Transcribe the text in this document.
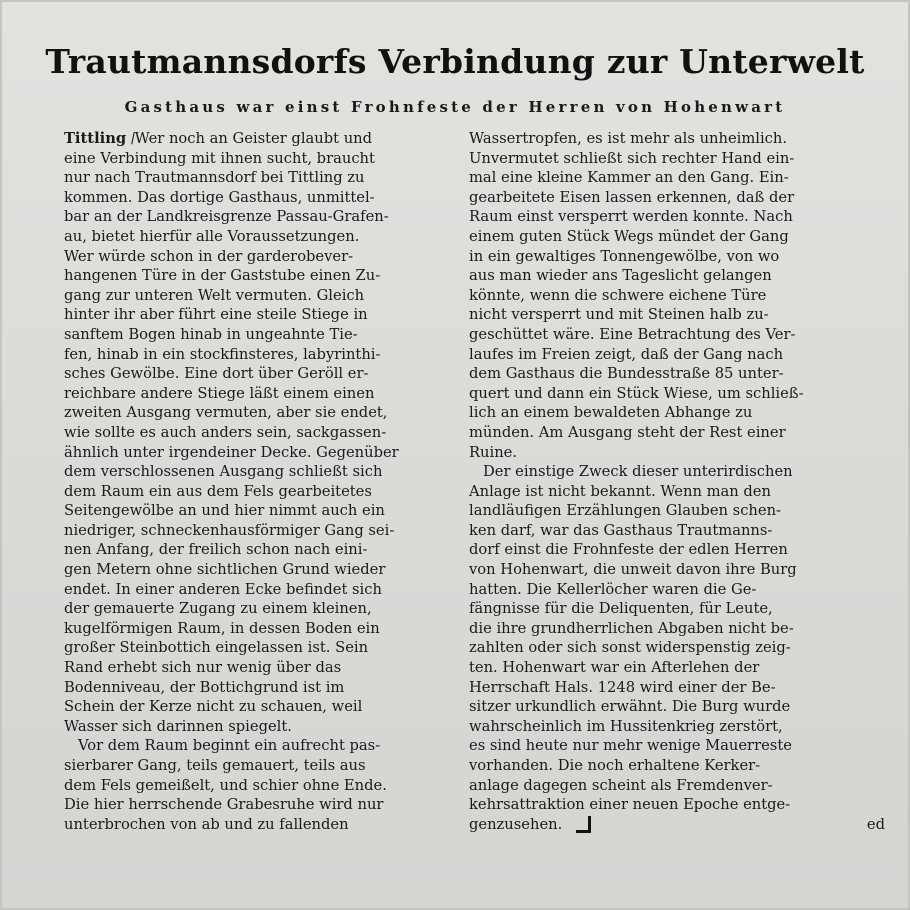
Trautmannsdorfs Verbindung zur Unterwelt
Gasthaus war einst Frohnfeste der Herren von Hohenwart
Tittling /Wer noch an Geister glaubt und
eine Verbindung mit ihnen sucht, braucht
nur nach Trautmannsdorf bei Tittling zu
kommen. Das dortige Gasthaus, unmittel-
bar an der Landkreisgrenze Passau-Grafen-
au, bietet hierfür alle Voraussetzungen.
Wer würde schon in der garderobever-
hangenen Türe in der Gaststube einen Zu-
gang zur unteren Welt vermuten. Gleich
hinter ihr aber führt eine steile Stiege in
sanftem Bogen hinab in ungeahnte Tie-
fen, hinab in ein stockfinsteres, labyrinthi-
sches Gewölbe. Eine dort über Geröll er-
reichbare andere Stiege läßt einem einen
zweiten Ausgang vermuten, aber sie endet,
wie sollte es auch anders sein, sackgassen-
ähnlich unter irgendeiner Decke. Gegenüber
dem verschlossenen Ausgang schließt sich
dem Raum ein aus dem Fels gearbeitetes
Seitengewölbe an und hier nimmt auch ein
niedriger, schneckenhausförmiger Gang sei-
nen Anfang, der freilich schon nach eini-
gen Metern ohne sichtlichen Grund wieder
endet. In einer anderen Ecke befindet sich
der gemauerte Zugang zu einem kleinen,
kugelförmigen Raum, in dessen Boden ein
großer Steinbottich eingelassen ist. Sein
Rand erhebt sich nur wenig über das
Bodenniveau, der Bottichgrund ist im
Schein der Kerze nicht zu schauen, weil
Wasser sich darinnen spiegelt.
Vor dem Raum beginnt ein aufrecht pas-
sierbarer Gang, teils gemauert, teils aus
dem Fels gemeißelt, und schier ohne Ende.
Die hier herrschende Grabesruhe wird nur
unterbrochen von ab und zu fallenden
Wassertropfen, es ist mehr als unheimlich.
Unvermutet schließt sich rechter Hand ein-
mal eine kleine Kammer an den Gang. Ein-
gearbeitete Eisen lassen erkennen, daß der
Raum einst versperrt werden konnte. Nach
einem guten Stück Wegs mündet der Gang
in ein gewaltiges Tonnengewölbe, von wo
aus man wieder ans Tageslicht gelangen
könnte, wenn die schwere eichene Türe
nicht versperrt und mit Steinen halb zu-
geschüttet wäre. Eine Betrachtung des Ver-
laufes im Freien zeigt, daß der Gang nach
dem Gasthaus die Bundesstraße 85 unter-
quert und dann ein Stück Wiese, um schließ-
lich an einem bewaldeten Abhange zu
münden. Am Ausgang steht der Rest einer
Ruine.
Der einstige Zweck dieser unterirdischen
Anlage ist nicht bekannt. Wenn man den
landläufigen Erzählungen Glauben schen-
ken darf, war das Gasthaus Trautmanns-
dorf einst die Frohnfeste der edlen Herren
von Hohenwart, die unweit davon ihre Burg
hatten. Die Kellerlöcher waren die Ge-
fängnisse für die Deliquenten, für Leute,
die ihre grundherrlichen Abgaben nicht be-
zahlten oder sich sonst widerspenstig zeig-
ten. Hohenwart war ein Afterlehen der
Herrschaft Hals. 1248 wird einer der Be-
sitzer urkundlich erwähnt. Die Burg wurde
wahrscheinlich im Hussitenkrieg zerstört,
es sind heute nur mehr wenige Mauerreste
vorhanden. Die noch erhaltene Kerker-
anlage dagegen scheint als Fremdenver-
kehrsattraktion einer neuen Epoche entge-
genzusehen.	ed
